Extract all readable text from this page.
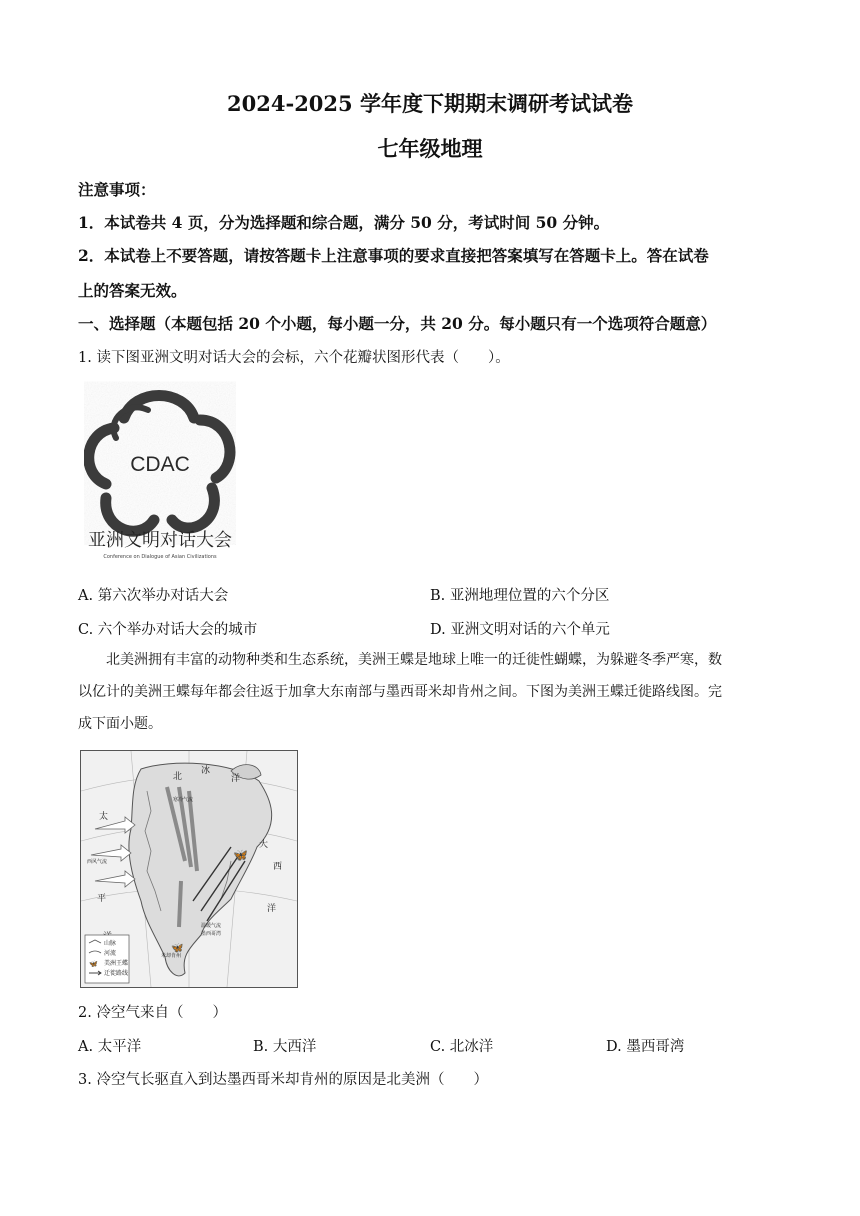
2024-2025 学年度下期期末调研考试试卷
七年级地理
注意事项：
1．本试卷共 4 页，分为选择题和综合题，满分 50 分，考试时间 50 分钟。
2．本试卷上不要答题，请按答题卡上注意事项的要求直接把答案填写在答题卡上。答在试卷
上的答案无效。
一、选择题（本题包括 20 个小题，每小题一分，共 20 分。每小题只有一个选项符合题意）
1. 读下图亚洲文明对话大会的会标，六个花瓣状图形代表（　　）。
CDAC
亚洲文明对话大会
Conference on Dialogue of Asian Civilizations
A. 第六次举办对话大会	B. 亚洲地理位置的六个分区
C. 六个举办对话大会的城市	D. 亚洲文明对话的六个单元
北美洲拥有丰富的动物种类和生态系统，美洲王蝶是地球上唯一的迁徙性蝴蝶，为躲避冬季严寒，数
以亿计的美洲王蝶每年都会往返于加拿大东南部与墨西哥米却肯州之间。下图为美洲王蝶迁徙路线图。完
成下面小题。
🦋
🦋
北
冰
洋
太
平
大
西
洋
西风气流
寒冷气流
温暖气流
墨西哥湾
米却肯州
山脉
河流
🦋 美洲王蝶
迁徙路线
2. 冷空气来自（　　）
A. 太平洋	B. 大西洋	C. 北冰洋	D. 墨西哥湾
3. 冷空气长驱直入到达墨西哥米却肯州的原因是北美洲（　　）
